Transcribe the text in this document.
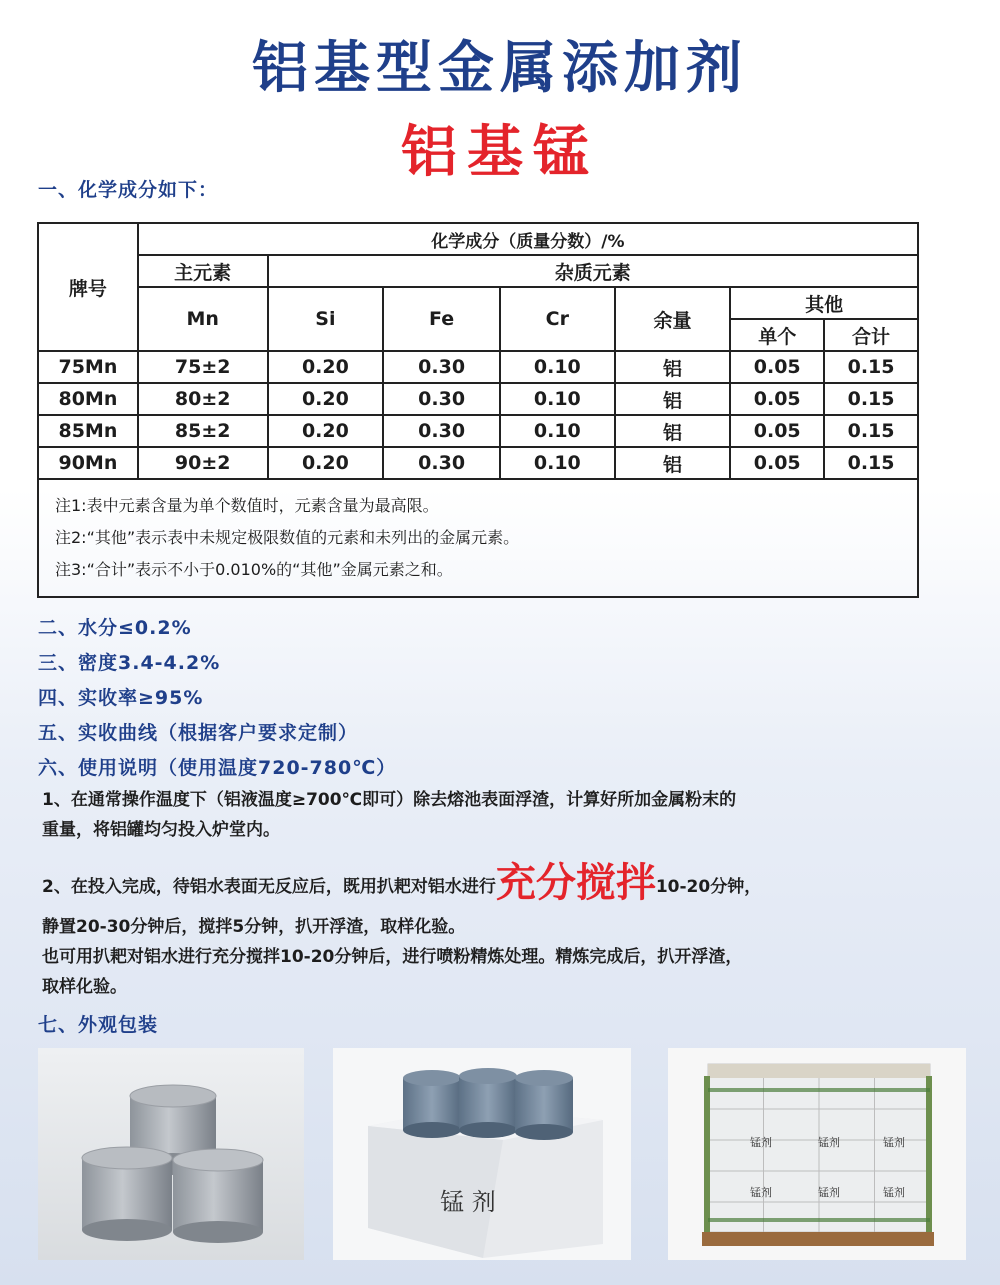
铝基型金属添加剂
铝基锰
一、化学成分如下：
牌号	化学成分（质量分数）/%						
	主元素	杂质元素					
	Mn	Si	Fe	Cr	余量	其他	
						单个	合计
75Mn	75±2	0.20	0.30	0.10	铝	0.05	0.15
80Mn	80±2	0.20	0.30	0.10	铝	0.05	0.15
85Mn	85±2	0.20	0.30	0.10	铝	0.05	0.15
90Mn	90±2	0.20	0.30	0.10	铝	0.05	0.15

注1:表中元素含量为单个数值时，元素含量为最高限。
注2:“其他”表示表中未规定极限数值的元素和未列出的金属元素。
注3:“合计”表示不小于0.010%的“其他”金属元素之和。							
二、水分≤0.2%
三、密度3.4-4.2%
四、实收率≥95%
五、实收曲线（根据客户要求定制）
六、使用说明（使用温度720-780℃）
1、在通常操作温度下（铝液温度≥700℃即可）除去熔池表面浮渣，计算好所加金属粉末的
重量，将铝罐均匀投入炉堂内。
2、在投入完成，待铝水表面无反应后，既用扒耙对铝水进行充分搅拌10-20分钟，
静置20-30分钟后，搅拌5分钟，扒开浮渣，取样化验。
也可用扒耙对铝水进行充分搅拌10-20分钟后，进行喷粉精炼处理。精炼完成后，扒开浮渣，
取样化验。
七、外观包装
锰 剂
锰剂	锰剂	锰剂
锰剂	锰剂	锰剂
